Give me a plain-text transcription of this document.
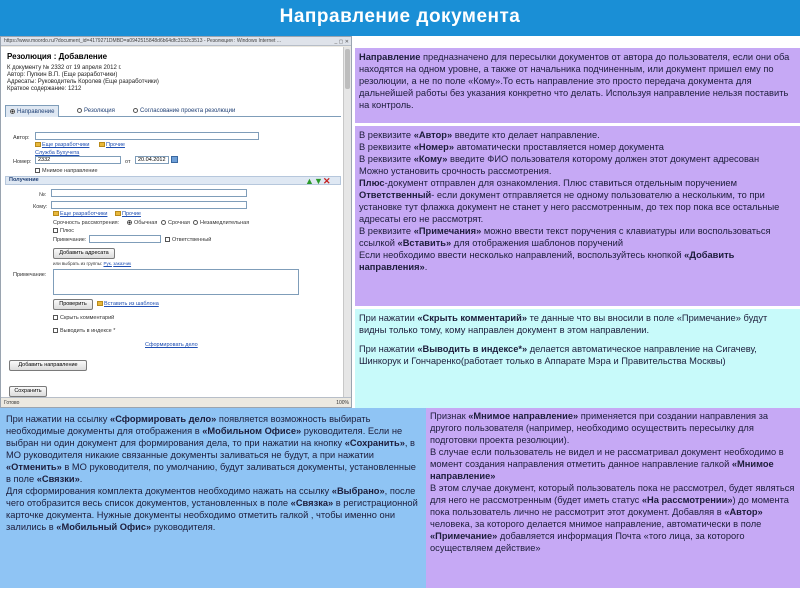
Направление документа
https://www.moordo.ru/?document_id=4179271DMBD=a0942515848d6b64dfc3132c3513 - Резолюция : Windows Internet ...	_ ▢ ✕
Резолюция : Добавление
К документу № 2332 от 19 апреля 2012 г.
Автор: Пупкин В.П. (Еще разработчики)
Адресаты: Руководитель Королев (Еще разработчики)
Краткое содержание: 1212
Направление	Резолюция	Согласование проекта резолюции
Автор:
Еще разработчики	Прочие
Служба Бухучета
Номер:	2332	от	20.04.2012
Мнимое направление
Получение	▲ ▼ ✕
№:
Кому:
Еще разработчики	Прочие
Срочность рассмотрения:	Обычная	Срочная	Незамедлительная
Плюс
Примечание:	Ответственный
Добавить адресата
или выбрать из группы: Рук. заказчик
Примечание:
Проверить	Вставить из шаблона
Скрыть комментарий
Выводить в индексе *
Сформировать дело
Добавить направление
Сохранить
Готово	100%

Направление предназначено для пересылки документов от автора до пользователя, если они оба находятся на одном уровне, а также от начальника подчиненным, или документ пришел ему по резолюции, а не по поле «Кому».То есть направление это просто передача документа для дальнейшей работы без указания конкретно что делать. Используя направление нельзя поставить на контроль.

В реквизите «Автор» введите кто делает направление.

В реквизите «Номер» автоматически проставляется номер документа

В реквизите «Кому» введите ФИО пользователя которому должен этот документ адресован

Можно установить срочность рассмотрения.

Плюс-документ отправлен для ознакомления. Плюс ставиться отдельным поручением

Ответственный- если документ отправляется не одному пользователю а нескольким, то при установке тут флажка документ не станет у него рассмотренным, до тех пор пока все остальные адресаты его не рассмотрят.

В реквизите «Примечания» можно ввести текст поручения с клавиатуры или воспользоваться ссылкой «Вставить» для отображения шаблонов поручений

Если необходимо ввести несколько направлений, воспользуйтесь кнопкой «Добавить направления».

При нажатии «Скрыть комментарий» те данные что вы вносили в поле «Примечание» будут видны только тому, кому направлен документ в этом направлении.

При нажатии «Выводить в индексе*» делается автоматическое направление на Сигачеву, Шинкорук и Гончаренко(работает только в Аппарате Мэра и Правительства Москвы)

При нажатии на ссылку «Сформировать дело» появляется возможность выбирать необходимые документы для отображения в «Мобильном Офисе» руководителя. Если не выбран ни один документ для формирования дела, то при нажатии на кнопку «Сохранить», в МО руководителя никакие связанные документы заливаться не будут, а при нажатии «Отменить» в МО руководителя, по умолчанию, будут заливаться документы, установленные в поле «Связки».

Для сформирования комплекта документов необходимо нажать на ссылку «Выбрано», после чего отобразится весь список документов, установленных в поле «Связка» в регистрационной карточке документа. Нужные документы необходимо отметить галкой , чтобы именно они залились в «Мобильный Офис» руководителя.

Признак «Мнимое направление» применяется при создании направления за другого пользователя (например, необходимо осуществить пересылку для подготовки проекта резолюции).

В случае если пользователь не видел и не рассматривал документ необходимо в момент создания направления отметить данное направление галкой «Мнимое направление»

В этом случае документ, который пользователь пока не рассмотрел, будет являться для него не рассмотренным (будет иметь статус «На рассмотрении») до момента пока пользователь лично не рассмотрит этот документ. Добавляя в «Автор» человека, за которого делается мнимое направление, автоматически в поле «Примечание» добавляется информация Почта «того лица, за которого осуществляем действие»
